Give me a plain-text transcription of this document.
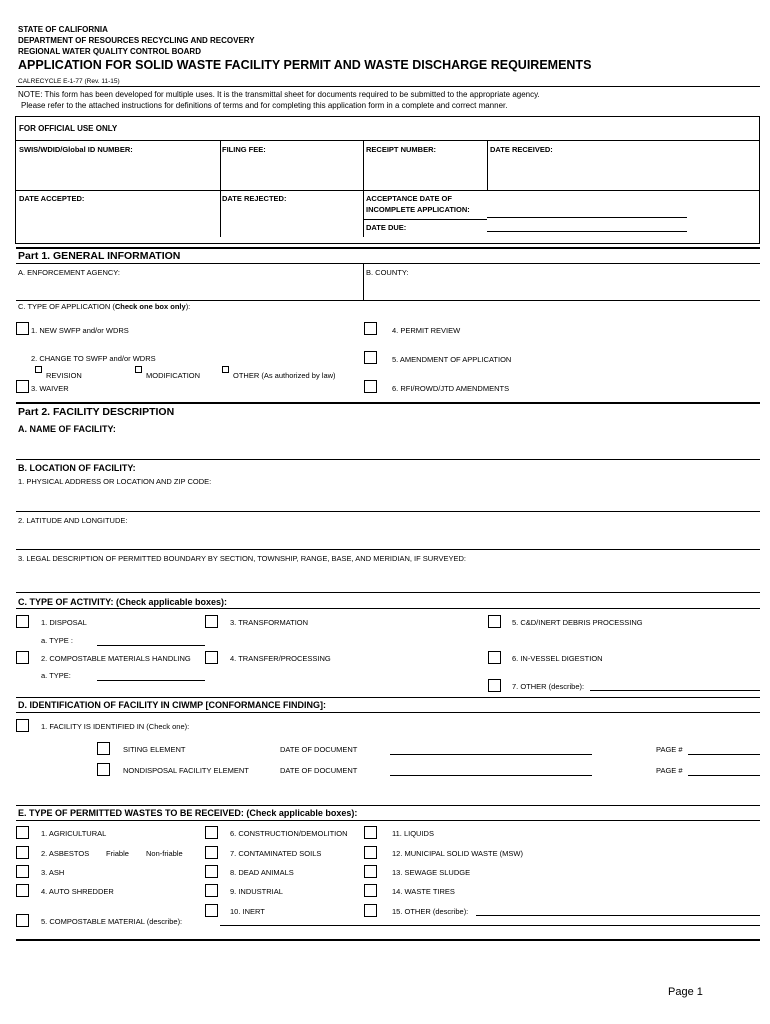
STATE OF CALIFORNIA
DEPARTMENT OF RESOURCES RECYCLING AND RECOVERY
REGIONAL WATER QUALITY CONTROL BOARD
APPLICATION FOR SOLID WASTE FACILITY PERMIT AND WASTE DISCHARGE REQUIREMENTS
CALRECYCLE E-1-77 (Rev. 11-15)
NOTE: This form has been developed for multiple uses. It is the transmittal sheet for documents required to be submitted to the appropriate agency.
Please refer to the attached instructions for definitions of terms and for completing this application form in a complete and correct manner.
FOR OFFICIAL USE ONLY
SWIS/WDID/Global ID NUMBER:	FILING FEE:	RECEIPT NUMBER:	DATE RECEIVED:
DATE ACCEPTED:	DATE REJECTED:	ACCEPTANCE DATE OF
INCOMPLETE APPLICATION:
DATE DUE:
Part 1. GENERAL INFORMATION
A. ENFORCEMENT AGENCY:	B. COUNTY:
C. TYPE OF APPLICATION (Check one box only):
1. NEW SWFP and/or WDRS
2. CHANGE TO SWFP and/or WDRS
REVISION	MODIFICATION	OTHER (As authorized by law)
3. WAIVER
4. PERMIT REVIEW
5. AMENDMENT OF APPLICATION
6. RFI/ROWD/JTD AMENDMENTS
Part 2. FACILITY DESCRIPTION
A. NAME OF FACILITY:
B. LOCATION OF FACILITY:
1. PHYSICAL ADDRESS OR LOCATION AND ZIP CODE:
2. LATITUDE AND LONGITUDE:
3. LEGAL DESCRIPTION OF PERMITTED BOUNDARY BY SECTION, TOWNSHIP, RANGE, BASE, AND MERIDIAN, IF SURVEYED:
C. TYPE OF ACTIVITY: (Check applicable boxes):
1. DISPOSAL
a. TYPE :
2. COMPOSTABLE MATERIALS HANDLING
a. TYPE:
3. TRANSFORMATION
4. TRANSFER/PROCESSING
5. C&D/INERT DEBRIS PROCESSING
6. IN-VESSEL DIGESTION
7. OTHER (describe):
D. IDENTIFICATION OF FACILITY IN CIWMP [CONFORMANCE FINDING]:
1. FACILITY IS IDENTIFIED IN (Check one):
SITING ELEMENT	DATE OF DOCUMENT	PAGE #
NONDISPOSAL FACILITY ELEMENT	DATE OF DOCUMENT	PAGE #
E. TYPE OF PERMITTED WASTES TO BE RECEIVED: (Check applicable boxes):
1. AGRICULTURAL
2. ASBESTOS Friable Non-friable
3. ASH
4. AUTO SHREDDER
5. COMPOSTABLE MATERIAL (describe):
6. CONSTRUCTION/DEMOLITION
7. CONTAMINATED SOILS
8. DEAD ANIMALS
9. INDUSTRIAL
10. INERT
11. LIQUIDS
12. MUNICIPAL SOLID WASTE (MSW)
13. SEWAGE SLUDGE
14. WASTE TIRES
15. OTHER (describe):
Page 1
